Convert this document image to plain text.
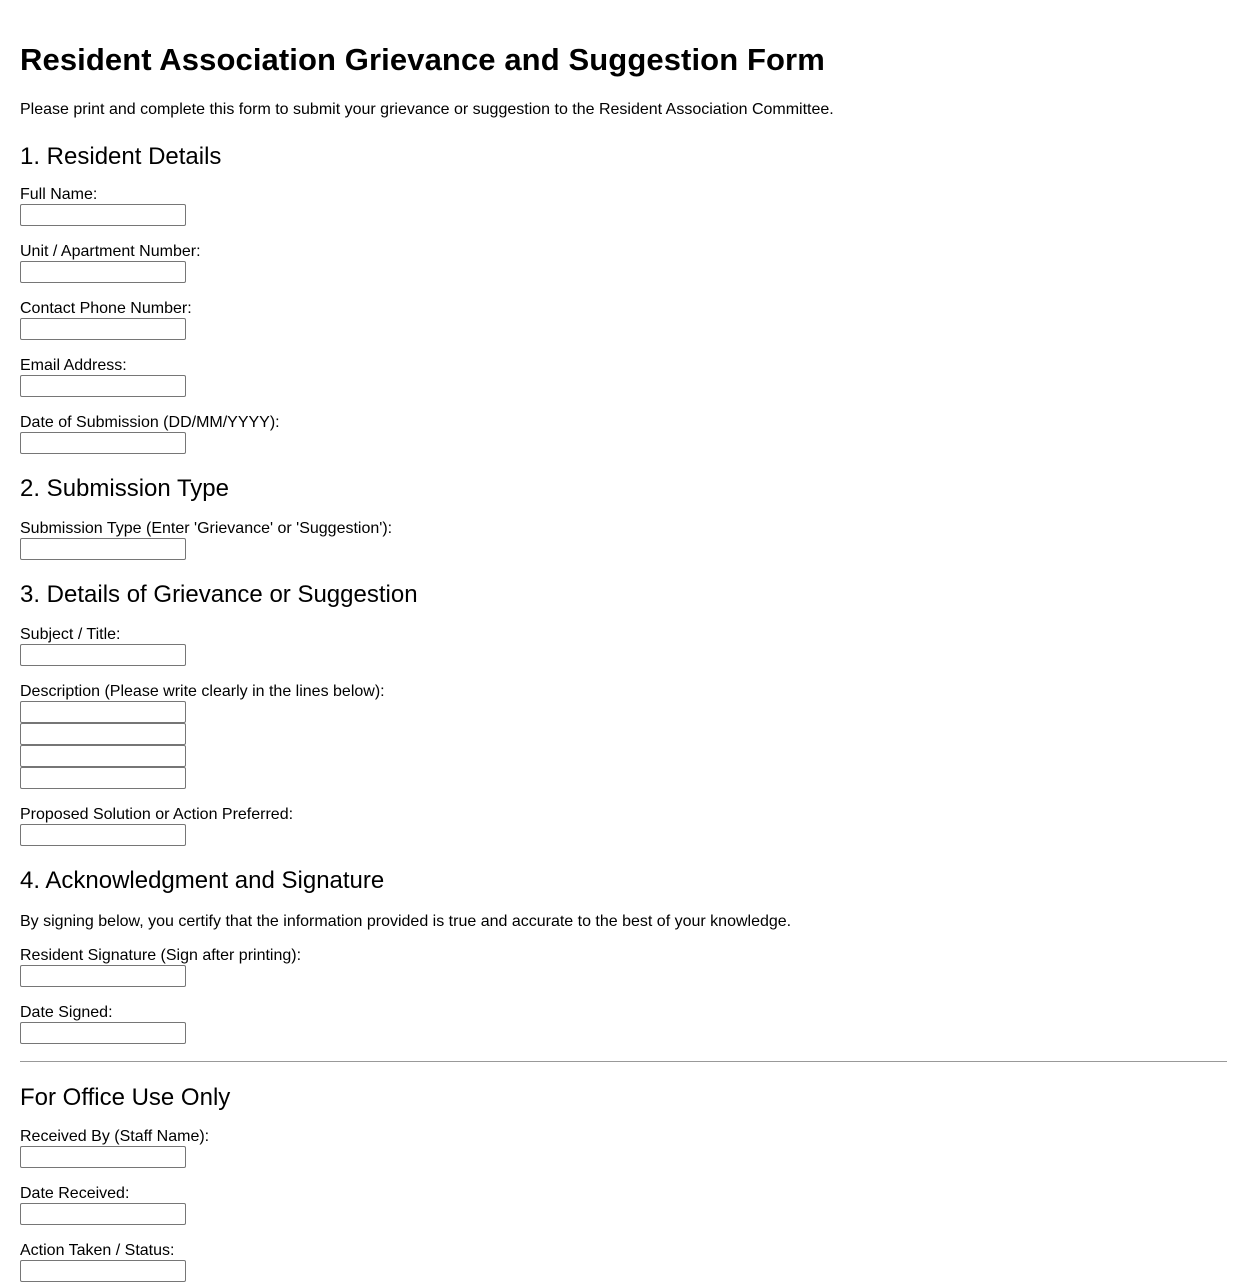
Resident Association Grievance and Suggestion Form

Please print and complete this form to submit your grievance or suggestion to the Resident Association Committee.

1. Resident Details
Full Name:
Unit / Apartment Number:
Contact Phone Number:
Email Address:
Date of Submission (DD/MM/YYYY):
2. Submission Type
Submission Type (Enter 'Grievance' or 'Suggestion'):
3. Details of Grievance or Suggestion
Subject / Title:
Description (Please write clearly in the lines below):
Proposed Solution or Action Preferred:
4. Acknowledgment and Signature

By signing below, you certify that the information provided is true and accurate to the best of your knowledge.

Resident Signature (Sign after printing):
Date Signed:
For Office Use Only
Received By (Staff Name):
Date Received:
Action Taken / Status:
